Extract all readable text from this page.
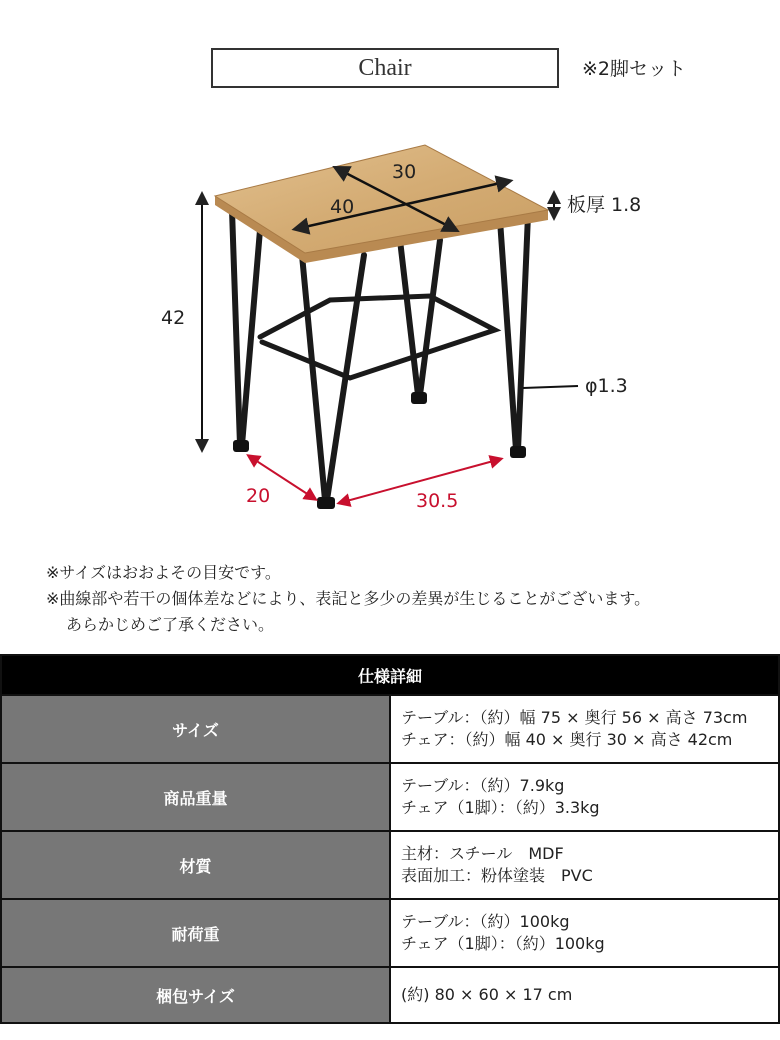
Chair	※2脚セット
30
40	板厚 1.8
42
φ1.3
20	30.5
※サイズはおおよその目安です。
※曲線部や若干の個体差などにより、表記と多少の差異が生じることがございます。
あらかじめご了承ください。
仕様詳細	
サイズ	テーブル：（約）幅 75 × 奥行 56 × 高さ 73cm
チェア：（約）幅 40 × 奥行 30 × 高さ 42cm

商品重量	テーブル：（約）7.9kg
チェア（1脚）：（約）3.3kg

材質	主材：スチール　MDF
表面加工：粉体塗装　PVC

耐荷重	テーブル：（約）100kg
チェア（1脚）：（約）100kg

梱包サイズ	(約) 80 × 60 × 17 cm
